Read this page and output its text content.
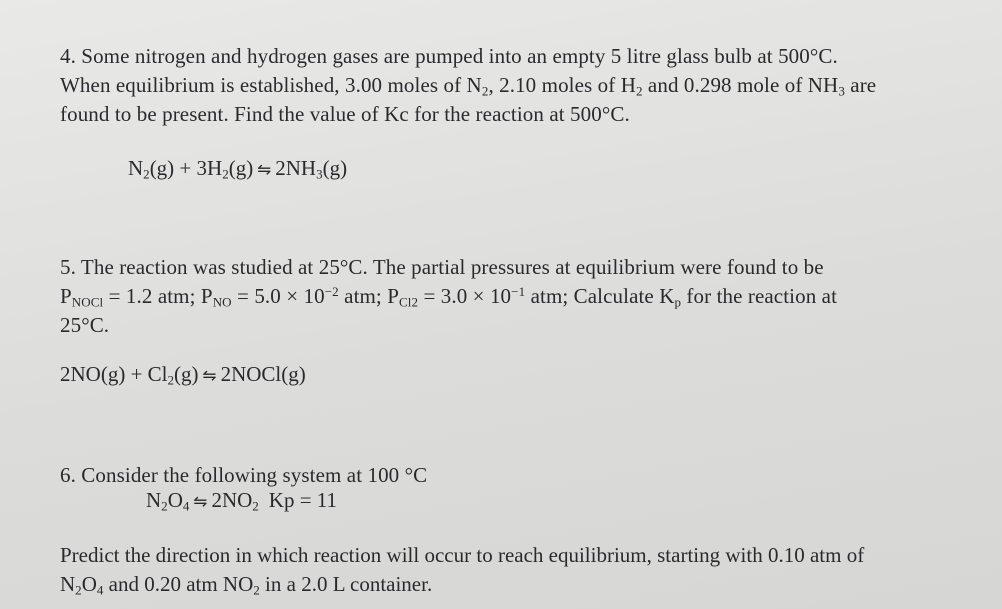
4. Some nitrogen and hydrogen gases are pumped into an empty 5 litre glass bulb at 500°C.
When equilibrium is established, 3.00 moles of $N_2$, 2.10 moles of $H_2$ and 0.298 mole of $NH_3$ are
found to be present. Find the value of Kc for the reaction at 500°C.
$N_2(g) + 3H_2(g)$ ⇋ $2NH_3(g)$
5. The reaction was studied at 25°C. The partial pressures at equilibrium were found to be
$P_{NOCl} = 1.2$ atm; $P_{NO} = 5.0 \times 10^{-2}$ atm; $P_{Cl2} = 3.0 \times 10^{-1}$ atm; Calculate $K_p$ for the reaction at
25°C.
$2NO(g) + Cl_2(g)$ ⇋ 2NOCl(g)
6. Consider the following system at 100 °C
$N_2O_4$ ⇋ $2NO_2$ Kp = 11
Predict the direction in which reaction will occur to reach equilibrium, starting with 0.10 atm of
$N_2O_4$ and 0.20 atm $NO_2$ in a 2.0 L container.
